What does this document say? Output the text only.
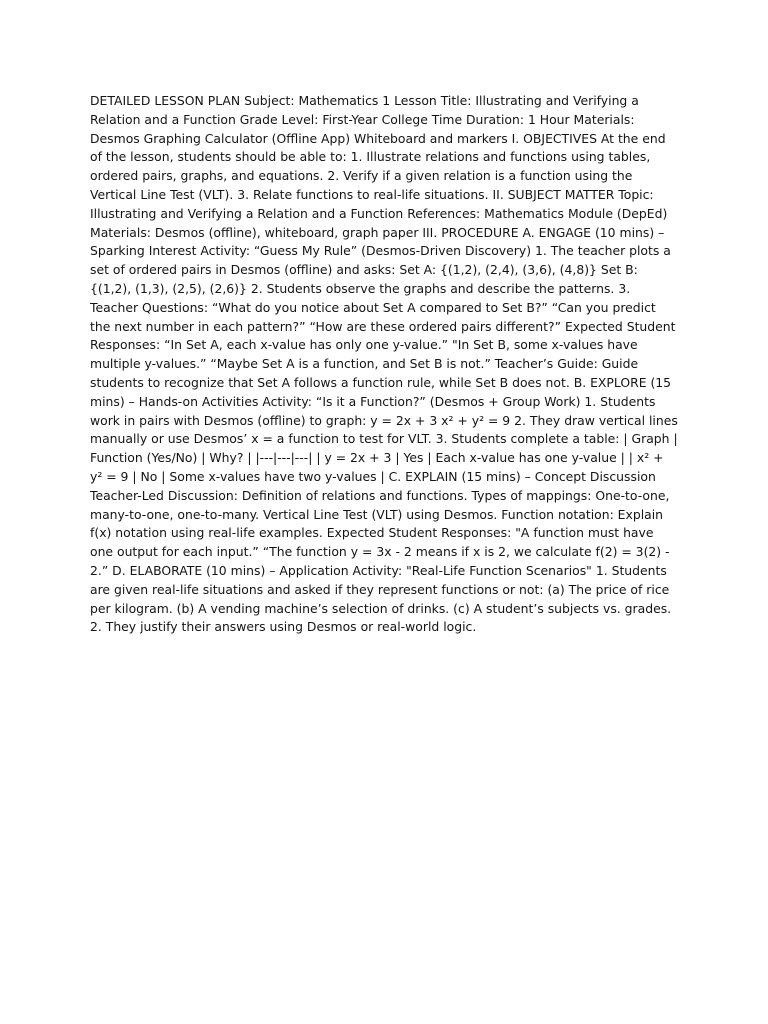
DETAILED LESSON PLAN Subject: Mathematics 1 Lesson Title: Illustrating and Verifying a Relation and a Function Grade Level: First-Year College Time Duration: 1 Hour Materials: Desmos Graphing Calculator (Offline App) Whiteboard and markers I. OBJECTIVES At the end of the lesson, students should be able to: 1. Illustrate relations and functions using tables, ordered pairs, graphs, and equations. 2. Verify if a given relation is a function using the Vertical Line Test (VLT). 3. Relate functions to real-life situations. II. SUBJECT MATTER Topic: Illustrating and Verifying a Relation and a Function References: Mathematics Module (DepEd) Materials: Desmos (offline), whiteboard, graph paper III. PROCEDURE A. ENGAGE (10 mins) – Sparking Interest Activity: “Guess My Rule” (Desmos-Driven Discovery) 1. The teacher plots a set of ordered pairs in Desmos (offline) and asks: Set A: {(1,2), (2,4), (3,6), (4,8)} Set B: {(1,2), (1,3), (2,5), (2,6)} 2. Students observe the graphs and describe the patterns. 3. Teacher Questions: “What do you notice about Set A compared to Set B?” “Can you predict the next number in each pattern?” “How are these ordered pairs different?” Expected Student Responses: “In Set A, each x-value has only one y-value.” "In Set B, some x-values have multiple y-values.” “Maybe Set A is a function, and Set B is not.” Teacher’s Guide: Guide students to recognize that Set A follows a function rule, while Set B does not. B. EXPLORE (15 mins) – Hands-on Activities Activity: “Is it a Function?” (Desmos + Group Work) 1. Students work in pairs with Desmos (offline) to graph: y = 2x + 3 x² + y² = 9 2. They draw vertical lines manually or use Desmos’ x = a function to test for VLT. 3. Students complete a table: | Graph | Function (Yes/No) | Why? | |---|---|---| | y = 2x + 3 | Yes | Each x-value has one y-value | | x² + y² = 9 | No | Some x-values have two y-values | C. EXPLAIN (15 mins) – Concept Discussion Teacher-Led Discussion: Definition of relations and functions. Types of mappings: One-to-one, many-to-one, one-to-many. Vertical Line Test (VLT) using Desmos. Function notation: Explain f(x) notation using real-life examples. Expected Student Responses: "A function must have one output for each input.” “The function y = 3x - 2 means if x is 2, we calculate f(2) = 3(2) - 2.” D. ELABORATE (10 mins) – Application Activity: "Real-Life Function Scenarios" 1. Students are given real-life situations and asked if they represent functions or not: (a) The price of rice per kilogram. (b) A vending machine’s selection of drinks. (c) A student’s subjects vs. grades. 2. They justify their answers using Desmos or real-world logic.
